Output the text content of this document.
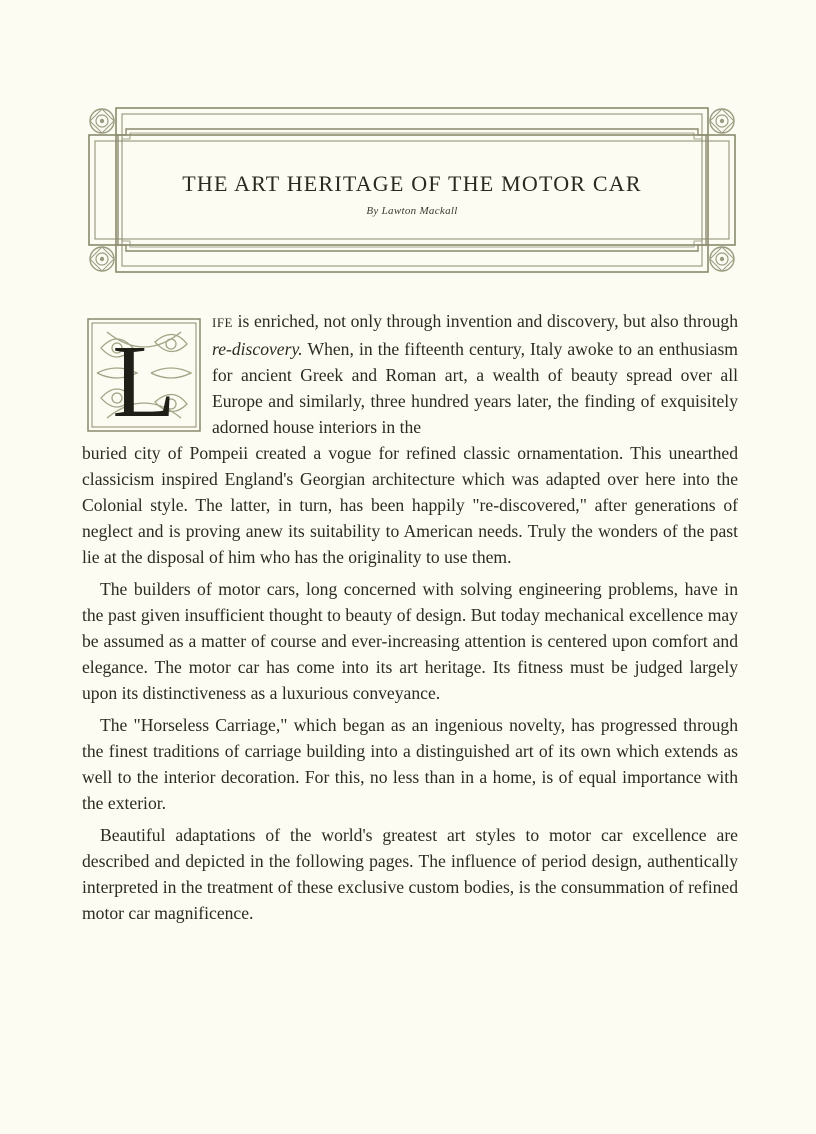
THE ART HERITAGE OF THE MOTOR CAR
By Lawton Mackall
L

IFE is enriched, not only through invention and discovery, but also through re-discovery. When, in the fifteenth century, Italy awoke to an enthusiasm for ancient Greek and Roman art, a wealth of beauty spread over all Europe and similarly, three hundred years later, the finding of exquisitely adorned house interiors in the
buried city of Pompeii created a vogue for refined classic ornamentation. This unearthed classicism inspired England's Georgian architecture which was adapted over here into the Colonial style. The latter, in turn, has been happily "re-discovered," after generations of neglect and is proving anew its suitability to American needs. Truly the wonders of the past lie at the disposal of him who has the originality to use them.

The builders of motor cars, long concerned with solving engineering problems, have in the past given insufficient thought to beauty of design. But today mechanical excellence may be assumed as a matter of course and ever-increasing attention is centered upon comfort and elegance. The motor car has come into its art heritage. Its fitness must be judged largely upon its distinctiveness as a luxurious conveyance.

The "Horseless Carriage," which began as an ingenious novelty, has progressed through the finest traditions of carriage building into a distinguished art of its own which extends as well to the interior decoration. For this, no less than in a home, is of equal importance with the exterior.

Beautiful adaptations of the world's greatest art styles to motor car excellence are described and depicted in the following pages. The influence of period design, authentically interpreted in the treatment of these exclusive custom bodies, is the consummation of refined motor car magnificence.
